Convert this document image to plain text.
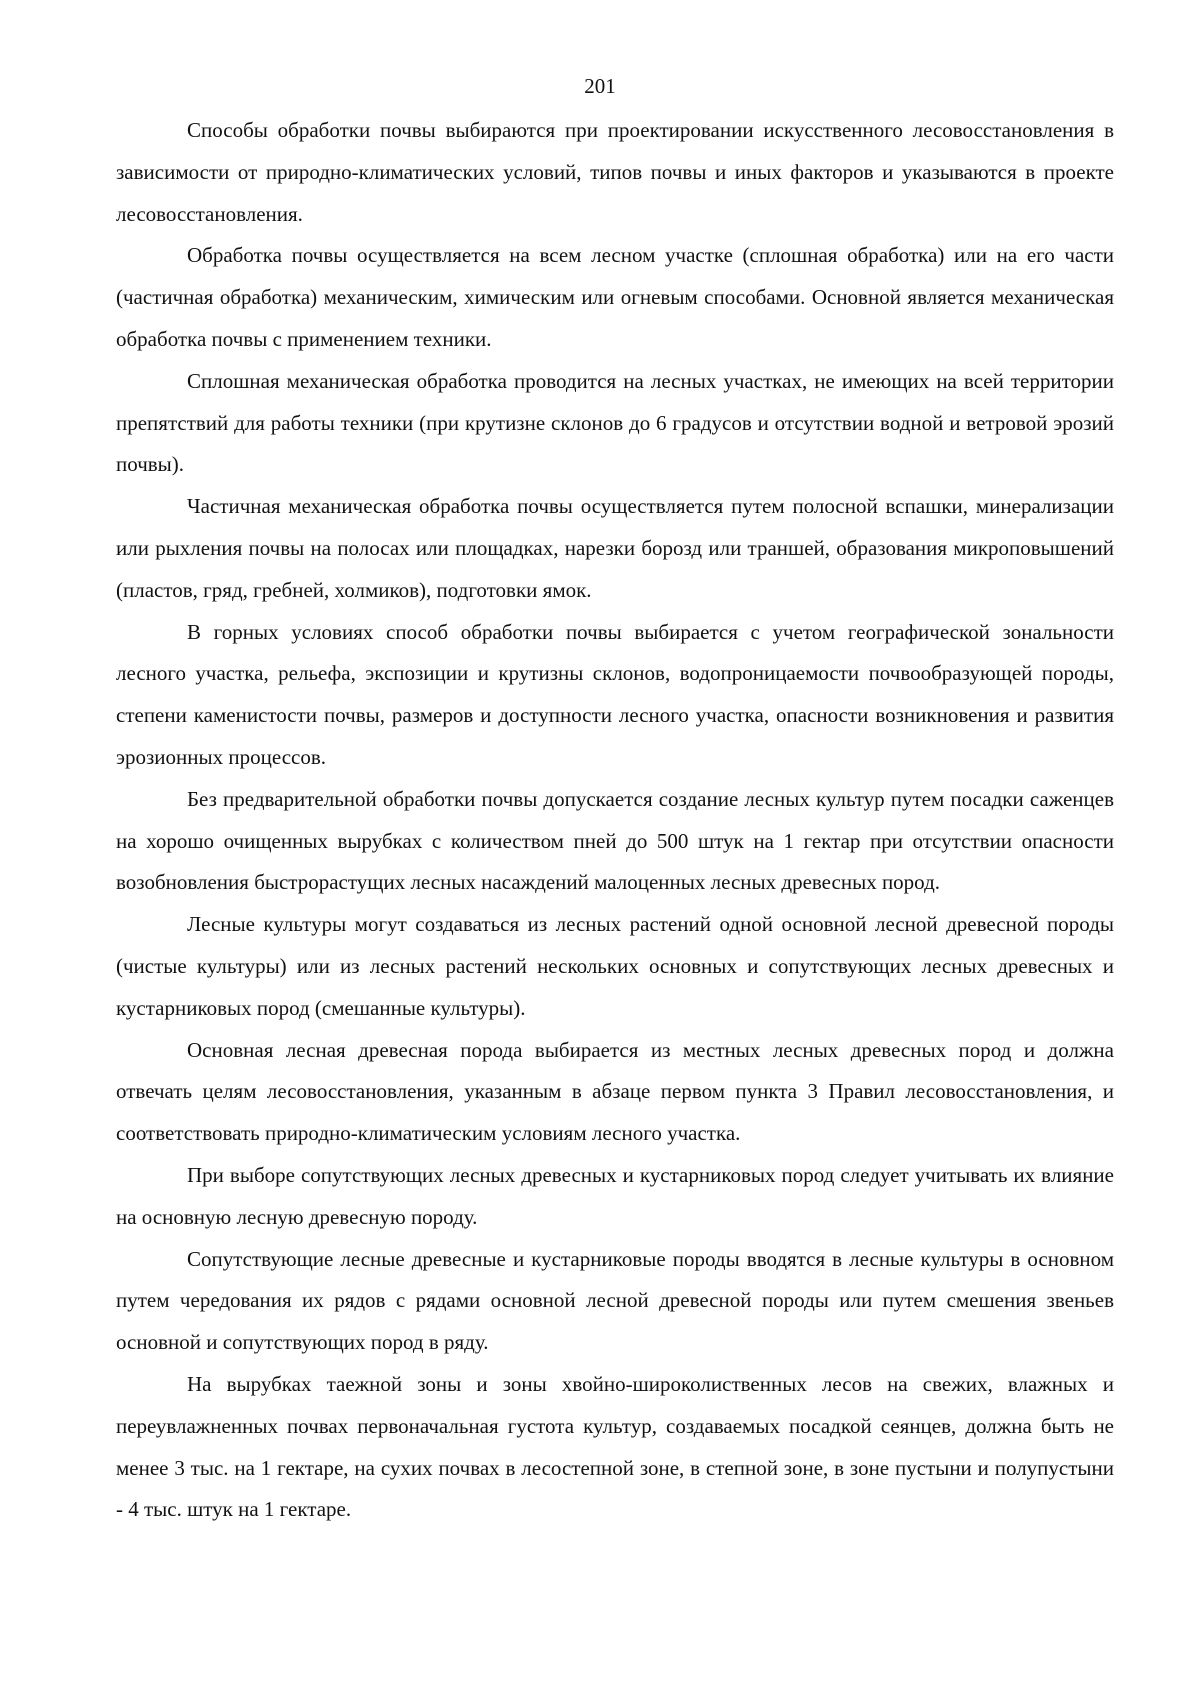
201

Способы обработки почвы выбираются при проектировании искусственного лесовосстановления в зависимости от природно-климатических условий, типов почвы и иных факторов и указываются в проекте лесовосстановления.

Обработка почвы осуществляется на всем лесном участке (сплошная обработка) или на его части (частичная обработка) механическим, химическим или огневым способами. Основной является механическая обработка почвы с применением техники.

Сплошная механическая обработка проводится на лесных участках, не имеющих на всей территории препятствий для работы техники (при крутизне склонов до 6 градусов и отсутствии водной и ветровой эрозий почвы).

Частичная механическая обработка почвы осуществляется путем полосной вспашки, минерализации или рыхления почвы на полосах или площадках, нарезки борозд или траншей, образования микроповышений (пластов, гряд, гребней, холмиков), подготовки ямок.

В горных условиях способ обработки почвы выбирается с учетом географической зональности лесного участка, рельефа, экспозиции и крутизны склонов, водопроницаемости почвообразующей породы, степени каменистости почвы, размеров и доступности лесного участка, опасности возникновения и развития эрозионных процессов.

Без предварительной обработки почвы допускается создание лесных культур путем посадки саженцев на хорошо очищенных вырубках с количеством пней до 500 штук на 1 гектар при отсутствии опасности возобновления быстрорастущих лесных насаждений малоценных лесных древесных пород.

Лесные культуры могут создаваться из лесных растений одной основной лесной древесной породы (чистые культуры) или из лесных растений нескольких основных и сопутствующих лесных древесных и кустарниковых пород (смешанные культуры).

Основная лесная древесная порода выбирается из местных лесных древесных пород и должна отвечать целям лесовосстановления, указанным в абзаце первом пункта 3 Правил лесовосстановления, и соответствовать природно-климатическим условиям лесного участка.

При выборе сопутствующих лесных древесных и кустарниковых пород следует учитывать их влияние на основную лесную древесную породу.

Сопутствующие лесные древесные и кустарниковые породы вводятся в лесные культуры в основном путем чередования их рядов с рядами основной лесной древесной породы или путем смешения звеньев основной и сопутствующих пород в ряду.

На вырубках таежной зоны и зоны хвойно-широколиственных лесов на свежих, влажных и переувлажненных почвах первоначальная густота культур, создаваемых посадкой сеянцев, должна быть не менее 3 тыс. на 1 гектаре, на сухих почвах в лесостепной зоне, в степной зоне, в зоне пустыни и полупустыни - 4 тыс. штук на 1 гектаре.
